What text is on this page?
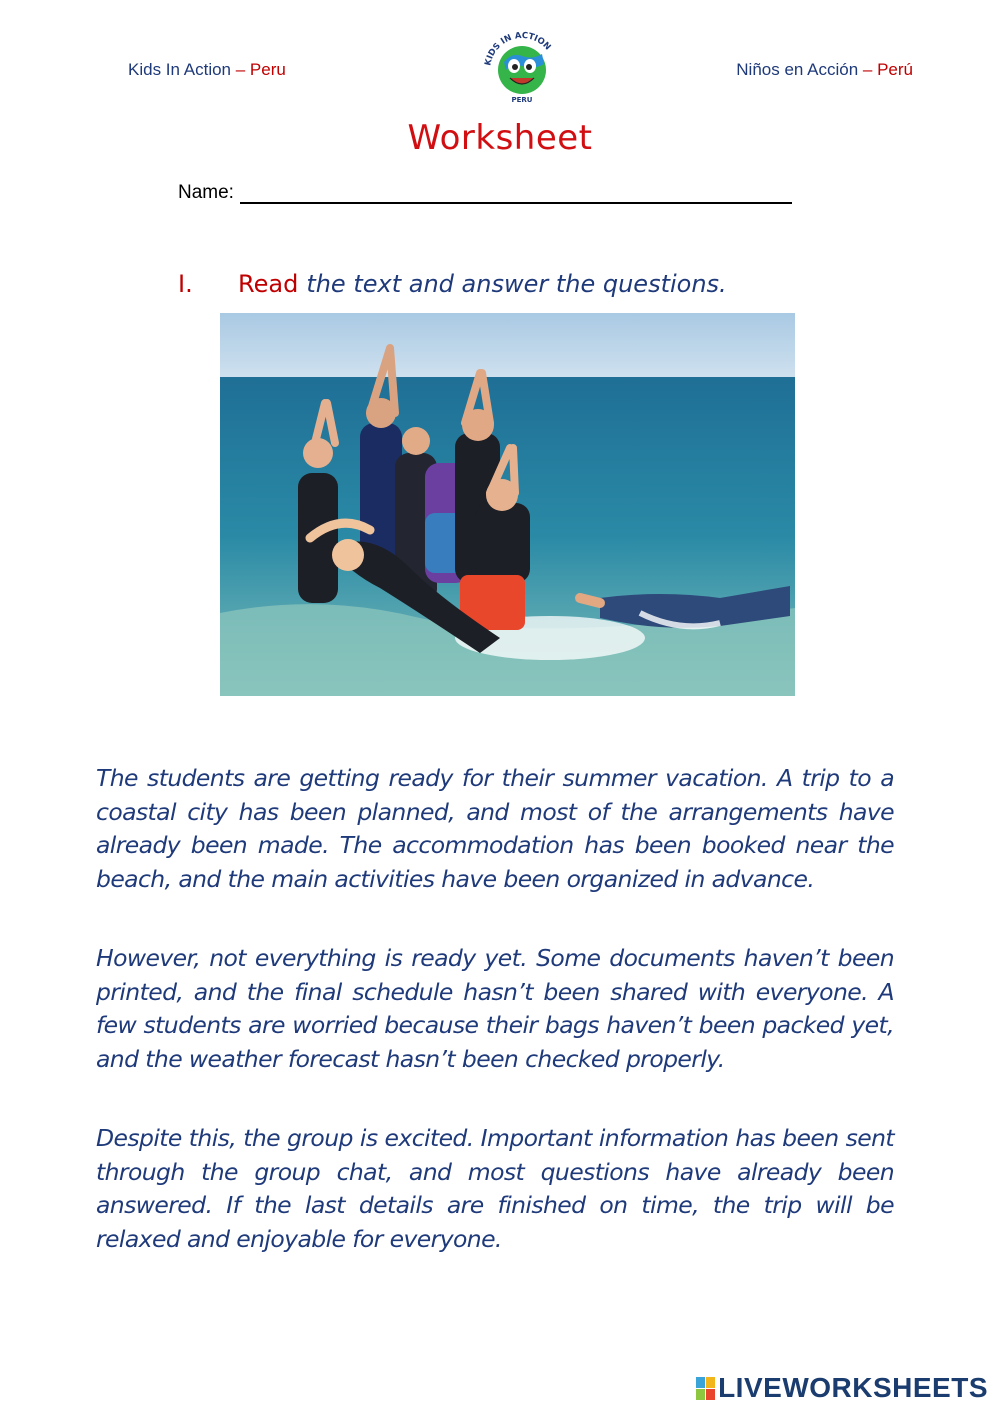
Kids In Action – Peru	Niños en Acción – Perú
KIDS IN ACTION
PERU
Worksheet
Name:
I. Read the text and answer the questions.

The students are getting ready for their summer vacation. A trip to a coastal city has been planned, and most of the arrangements have already been made. The accommodation has been booked near the beach, and the main activities have been organized in advance.

However, not everything is ready yet. Some documents haven’t been printed, and the final schedule hasn’t been shared with everyone. A few students are worried because their bags haven’t been packed yet, and the weather forecast hasn’t been checked properly.

Despite this, the group is excited. Important information has been sent through the group chat, and most questions have already been answered. If the last details are finished on time, the trip will be relaxed and enjoyable for everyone.

LIVEWORKSHEETS
